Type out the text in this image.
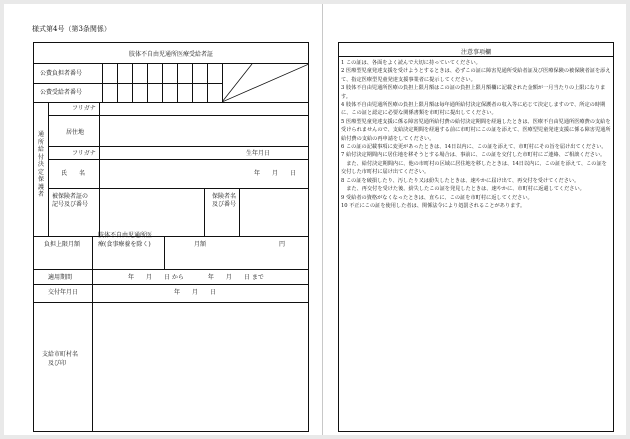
様式第4号（第3条関係）
肢体不自由児通所医療受給者証
公費負担者番号
公費受給者番号
通所給付決定保護者
フリガナ
居住地
フリガナ	生年月日
氏　　名	年　　月　　日
被保険者証の
記号及び番号
保険者名
及び番号
負担上限月額
肢体不自由児通所医
療(食事療養を除く)	月額	円
適用期間	年　　月　　日 から　　　　年　　月　　日 まで
交付年月日	年　　月　　日
支給市町村名
及び印
注意事項欄

1 この証は、各面をよく読んで大切に持っていてください。

2 医療型児童発達支援を受けようとするときは、必ずこの証に障害児通所受給者証及び医療保険の被保険者証を添えて、指定医療型児童発達支援事業者に提示してください。

3 肢体不自由児通所医療の負担上限月額はこの証の負担上限月額欄に記載された金額が一月当たりの上限になります。

4 肢体不自由児通所医療の負担上限月額は毎年通所給付決定保護者の収入等に応じて決定しますので、所定の時期に、この証と認定に必要な関係書類を市町村に提出してください。

5 医療型児童発達支援に係る障害児通所給付費の給付決定期間を経過したときは、医療不自由児通所医療費の支給を受けられませんので、支給決定期間を経過する前に市町村にこの証を添えて、医療型児童発達支援に係る障害児通所給付費の支給の再申請をしてください。

6 この証の記載事項に変更があったときは、14日以内に、この証を添えて、市町村にその旨を届け出てください。

7 給付決定期間内に居住地を移そうとする場合は、事前に、この証を交付した市町村にご連絡、ご相談ください。

　また、給付決定期間内に、他の市町村の区域に居住地を移したときは、14日以内に、この証を添えて、この証を交付した市町村に届け出てください。

8 この証を破損したり、汚したり又は紛失したときは、速やかに届け出て、再交付を受けてください。

　また、再交付を受けた後、紛失したこの証を発見したときは、速やかに、市町村に返還してください。

9 受給者の資格がなくなったときは、直ちに、この証を市町村に返してください。

10 不正にこの証を使用した者は、関係法令により処罰されることがあります。
